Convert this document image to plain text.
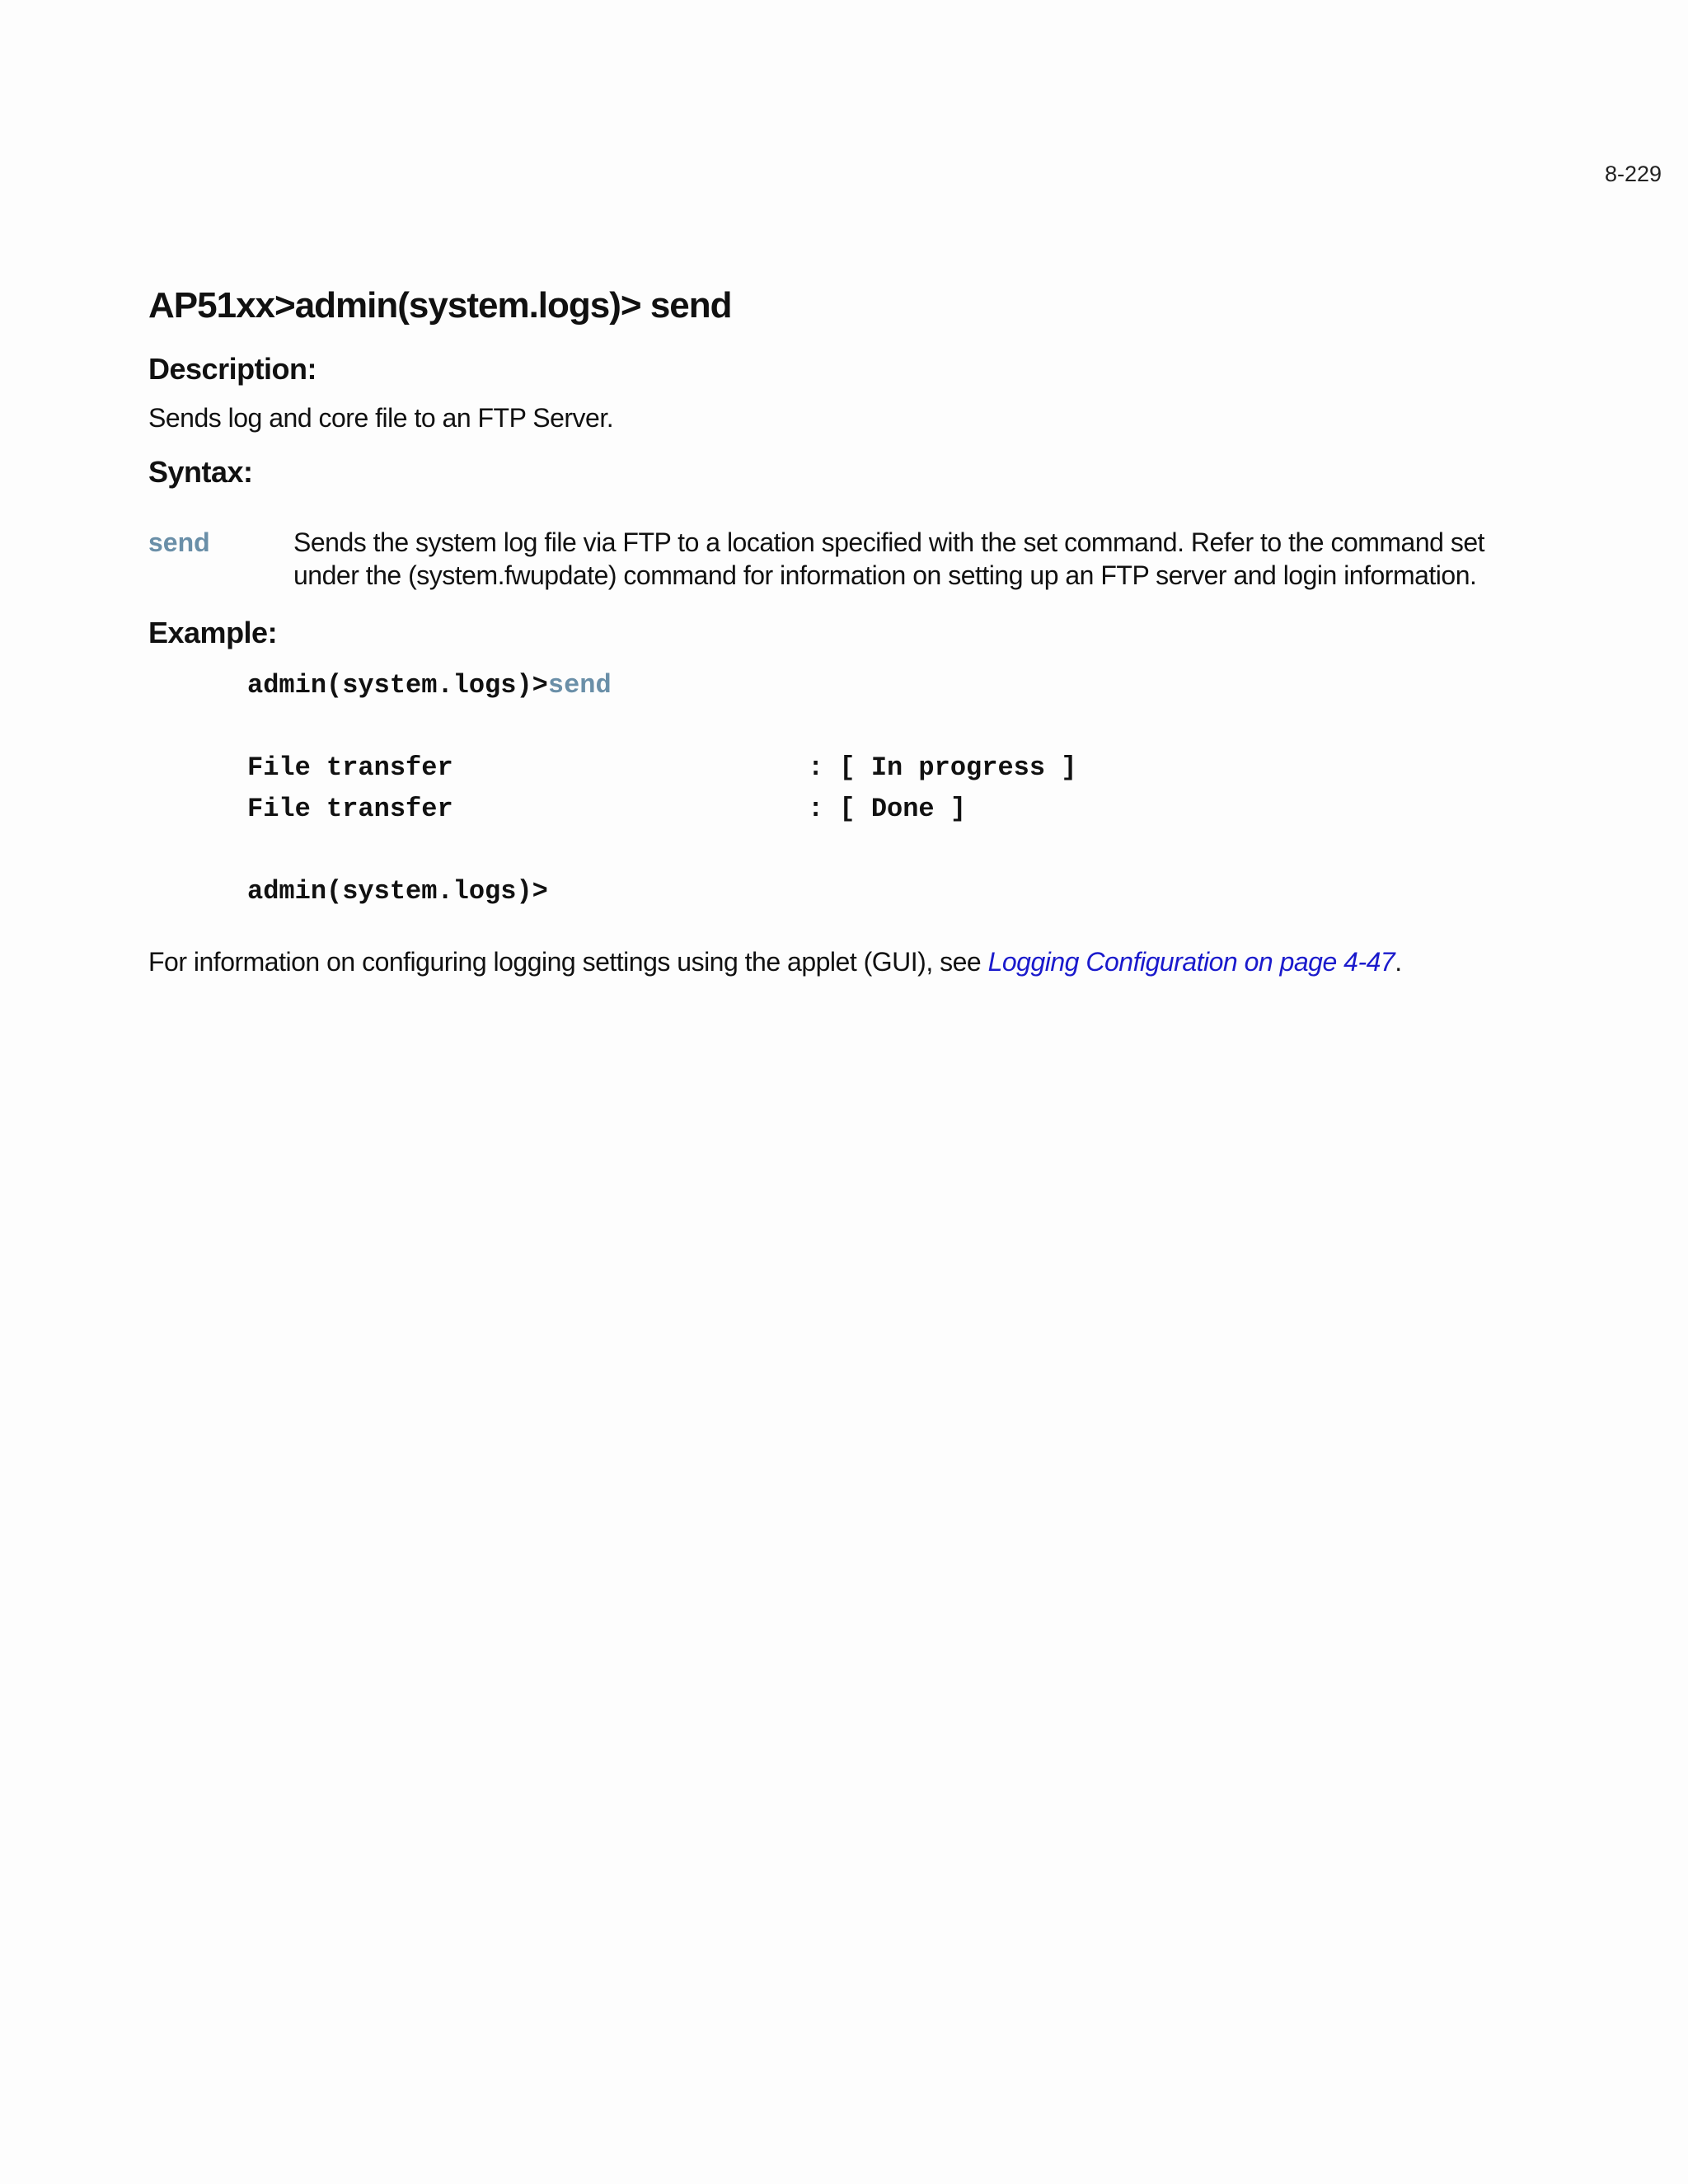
8-229
AP51xx>admin(system.logs)> send
Description:

Sends log and core file to an FTP Server.

Syntax:
send	Sends the system log file via FTP to a location specified with the set command. Refer to the command set under the (system.fwupdate) command for information on setting up an FTP server and login information.
Example:
admin(system.logs)>send

File transfer	: [ In progress ]
File transfer	: [ Done ]

admin(system.logs)>

For information on configuring logging settings using the applet (GUI), see Logging Configuration on page 4-47.
